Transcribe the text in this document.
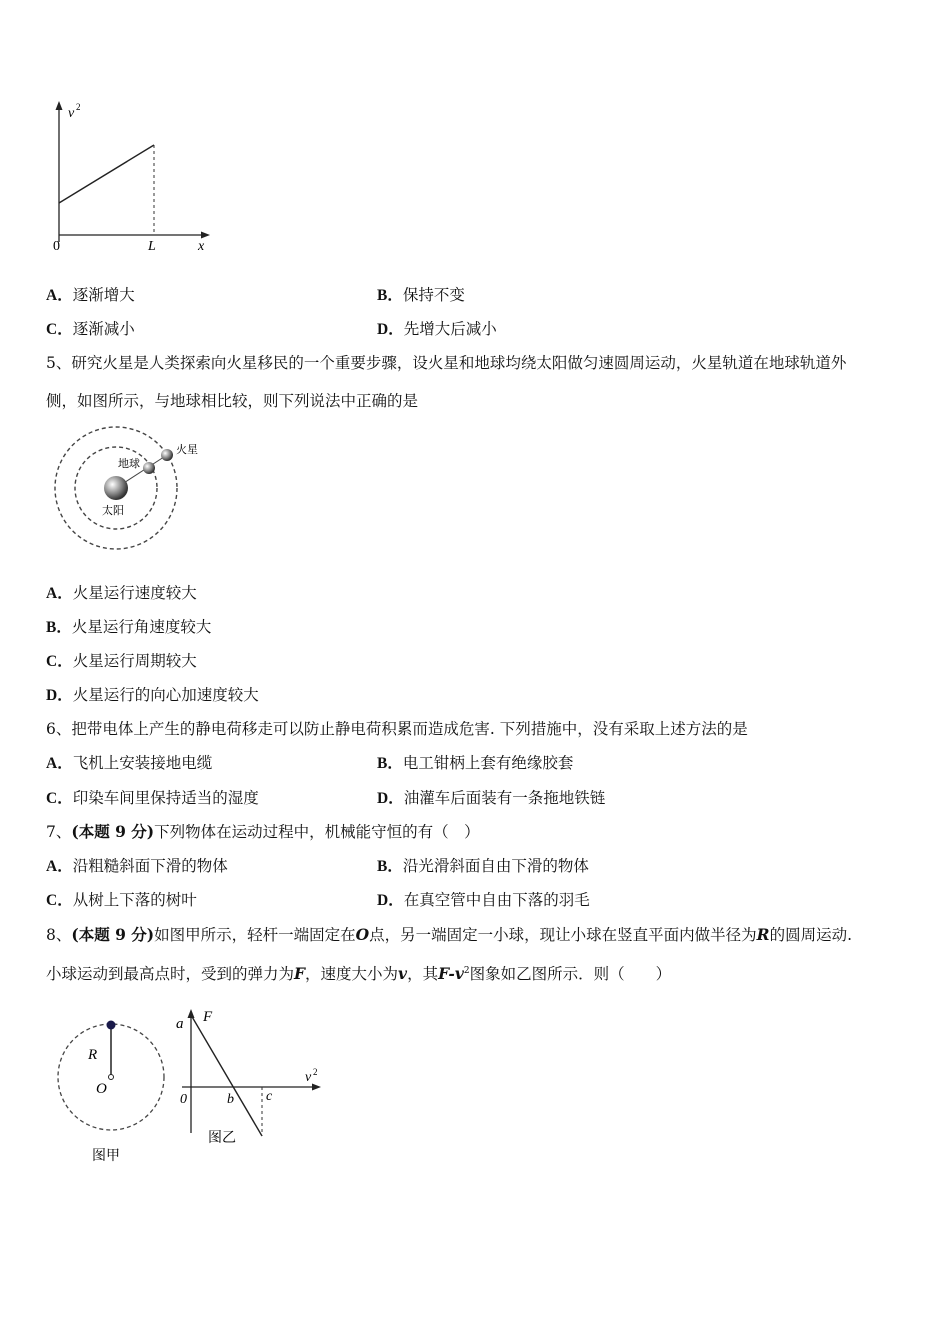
v 2
0	L	x
A．逐渐增大	B．保持不变
C．逐渐减小	D．先增大后减小
5、研究火星是人类探索向火星移民的一个重要步骤，设火星和地球均绕太阳做匀速圆周运动，火星轨道在地球轨道外
侧，如图所示，与地球相比较，则下列说法中正确的是
火星
地球
太阳
A．火星运行速度较大
B．火星运行角速度较大
C．火星运行周期较大
D．火星运行的向心加速度较大
6、把带电体上产生的静电荷移走可以防止静电荷积累而造成危害. 下列措施中，没有采取上述方法的是
A．飞机上安装接地电缆	B．电工钳柄上套有绝缘胶套
C．印染车间里保持适当的湿度	D．油灌车后面装有一条拖地铁链
7、(本题 9 分)下列物体在运动过程中，机械能守恒的有（　）
A．沿粗糙斜面下滑的物体	B．沿光滑斜面自由下滑的物体
C．从树上下落的树叶	D．在真空管中自由下落的羽毛
8、(本题 9 分)如图甲所示，轻杆一端固定在O点，另一端固定一小球，现让小球在竖直平面内做半径为R的圆周运动.
小球运动到最高点时，受到的弹力为F，速度大小为v，其$F-v^2$图象如乙图所示．则（　　）
R
O
图甲
a F
v 2
0	b c
图乙
